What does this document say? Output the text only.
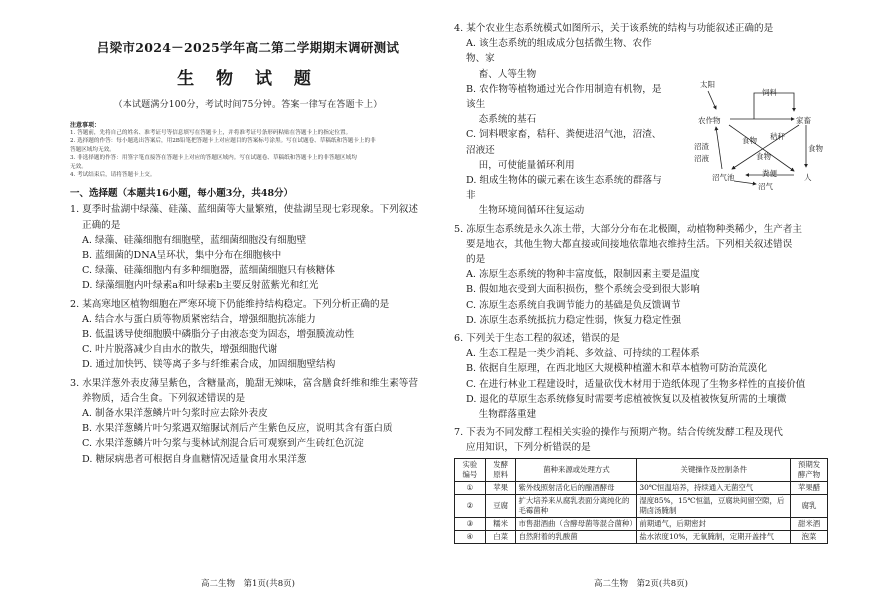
吕梁市2024－2025学年高二第二学期期末调研测试
生 物 试 题
（本试题满分100分，考试时间75分钟。答案一律写在答题卡上）
注意事项：
1. 答题前，先将自己的姓名、准考证号等信息填写在答题卡上，并将准考证号条形码粘贴在答题卡上的指定位置。
2. 选择题的作答：每小题选出答案后，用2B铅笔把答题卡上对应题目的答案标号涂黑。写在试题卷、草稿纸和答题卡上的非
答题区域均无效。
3. 非选择题的作答：用签字笔直接答在答题卡上对应的答题区域内。写在试题卷、草稿纸和答题卡上的非答题区域均
无效。
4. 考试结束后，请将答题卡上交。
一、选择题（本题共16小题，每小题3分，共48分）
1. 夏季时盐湖中绿藻、硅藻、蓝细菌等大量繁殖，使盐湖呈现七彩现象。下列叙述
正确的是
A. 绿藻、硅藻细胞有细胞壁，蓝细菌细胞没有细胞壁
B. 蓝细菌的DNA呈环状，集中分布在细胞核中
C. 绿藻、硅藻细胞内有多种细胞器，蓝细菌细胞只有核糖体
D. 绿藻细胞内叶绿素a和叶绿素b主要反射蓝紫光和红光
2. 某高寒地区植物细胞在严寒环境下仍能维持结构稳定。下列分析正确的是
A. 结合水与蛋白质等物质紧密结合，增强细胞抗冻能力
B. 低温诱导使细胞膜中磷脂分子由液态变为固态，增强膜流动性
C. 叶片脱落减少自由水的散失，增强细胞代谢
D. 通过加快钙、镁等离子多与纤维素合成，加固细胞壁结构
3. 水果洋葱外表皮薄呈紫色，含糖量高，脆甜无辣味，富含膳食纤维和维生素等营
养物质，适合生食。下列叙述错误的是
A. 制备水果洋葱鳞片叶匀浆时应去除外表皮
B. 水果洋葱鳞片叶匀浆遇双缩脲试剂后产生紫色反应，说明其含有蛋白质
C. 水果洋葱鳞片叶匀浆与斐林试剂混合后可观察到产生砖红色沉淀
D. 糖尿病患者可根据自身血糖情况适量食用水果洋葱
高二生物　第1页(共8页)
4. 某个农业生态系统模式如图所示，关于该系统的结构与功能叙述正确的是
A. 该生态系统的组成成分包括微生物、农作物、家
　 畜、人等生物
B. 农作物等植物通过光合作用制造有机物，是该生
　 态系统的基石
C. 饲料喂家畜，秸秆、粪便进沼气池，沼渣、沼液还
　 田，可使能量循环利用
D. 组成生物体的碳元素在该生态系统的群落与非
　 生物环境间循环往复运动
太阳
农作物	家畜
饲料
食物 秸秆
食物
食物
沼渣
沼液
粪便
沼气池	人
沼气
5. 冻原生态系统是永久冻土带，大部分分布在北极圈，动植物种类稀少，生产者主
要是地衣，其他生物大都直接或间接地依靠地衣维持生活。下列相关叙述错误
的是
A. 冻原生态系统的物种丰富度低，限制因素主要是温度
B. 假如地衣受到大面积损伤，整个系统会受到很大影响
C. 冻原生态系统自我调节能力的基础是负反馈调节
D. 冻原生态系统抵抗力稳定性弱，恢复力稳定性强
6. 下列关于生态工程的叙述，错误的是
A. 生态工程是一类少消耗、多效益、可持续的工程体系
B. 依据自生原理，在西北地区大规模种植灌木和草本植物可防治荒漠化
C. 在进行林业工程建设时，适量砍伐木材用于造纸体现了生物多样性的直接价值
D. 退化的草原生态系统修复时需要考虑植被恢复以及植被恢复所需的土壤微
　 生物群落重建
7. 下表为不同发酵工程相关实验的操作与预期产物。结合传统发酵工程及现代
应用知识，下列分析错误的是
实验
编号	发酵
原料	菌种来源或处理方式	关键操作及控制条件	预期发
酵产物
①	苹果	紫外线照射活化后的酿酒酵母	30℃恒温培养，持续通入无菌空气	苹果醋
②	豆腐	扩大培养来从腐乳表面分离纯化的毛霉菌种	湿度85%，15℃恒温，豆腐块间留空隙，后期卤汤腌制	腐乳
③	糯米	市售甜酒曲（含酵母菌等混合菌种）	前期通气，后期密封	甜米酒
④	白菜	自然附着的乳酸菌	盐水浓度10%，无氧腌制，定期开盖排气	泡菜
高二生物　第2页(共8页)
